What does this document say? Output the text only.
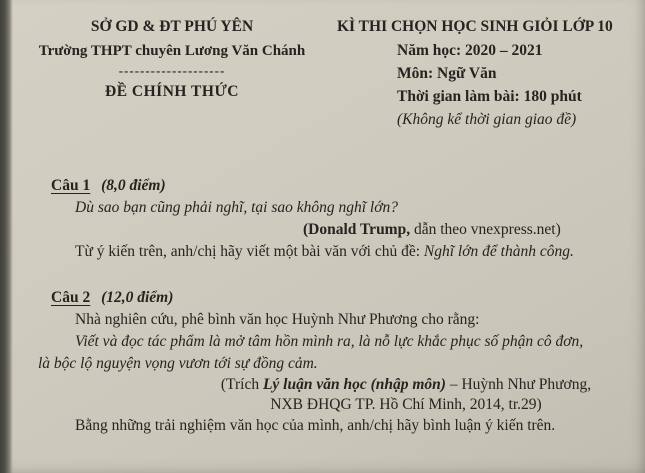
SỞ GD & ĐT PHÚ YÊN
Trường THPT chuyên Lương Văn Chánh
--------------------
ĐỀ CHÍNH THỨC
KÌ THI CHỌN HỌC SINH GIỎI LỚP 10
Năm học: 2020 – 2021
Môn: Ngữ Văn
Thời gian làm bài: 180 phút
(Không kể thời gian giao đề)
Câu 1 (8,0 điểm)
Dù sao bạn cũng phải nghĩ, tại sao không nghĩ lớn?
(Donald Trump, dẫn theo vnexpress.net)
Từ ý kiến trên, anh/chị hãy viết một bài văn với chủ đề: Nghĩ lớn để thành công.
Câu 2 (12,0 điểm)
Nhà nghiên cứu, phê bình văn học Huỳnh Như Phương cho rằng:
Viết và đọc tác phẩm là mở tâm hồn mình ra, là nỗ lực khắc phục số phận cô đơn,
là bộc lộ nguyện vọng vươn tới sự đồng cảm.
(Trích Lý luận văn học (nhập môn) – Huỳnh Như Phương,
NXB ĐHQG TP. Hồ Chí Minh, 2014, tr.29)
Bằng những trải nghiệm văn học của mình, anh/chị hãy bình luận ý kiến trên.
